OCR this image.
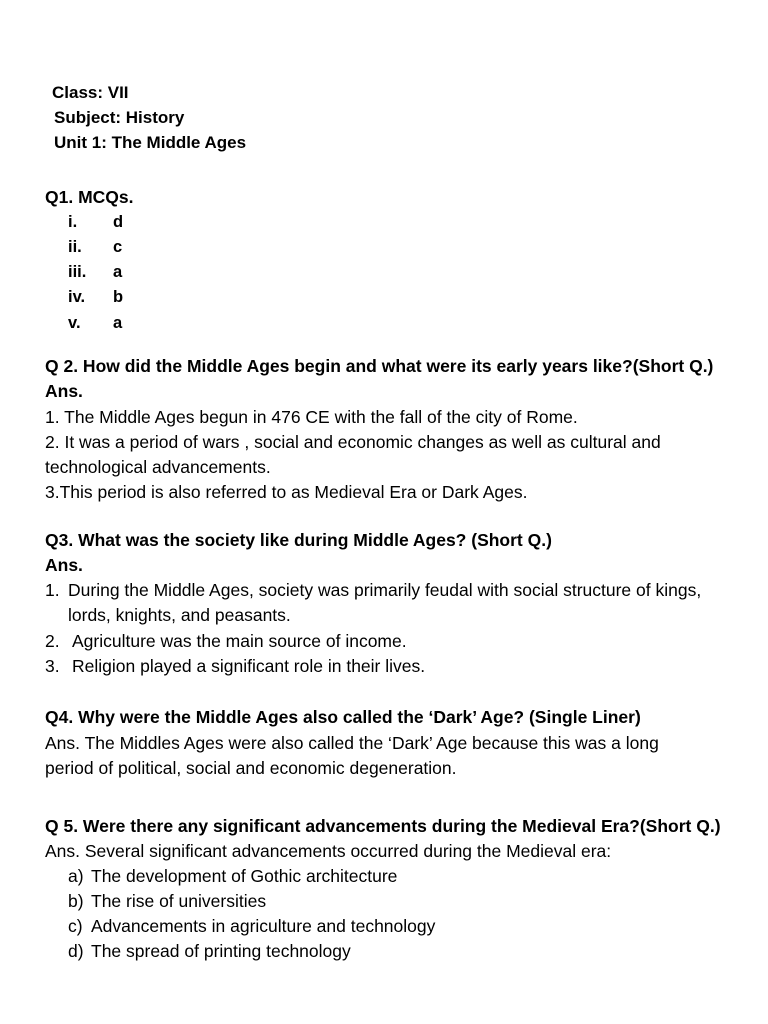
Class: VII
Subject: History
Unit 1: The Middle Ages
Q1. MCQs.
i. d
ii. c
iii. a
iv. b
v. a
Q 2. How did the Middle Ages begin and what were its early years like?(Short Q.)
Ans.
1. The Middle Ages begun in 476 CE with the fall of the city of Rome.
2. It was a period of wars , social and economic changes as well as cultural and
technological advancements.
3.This period is also referred to as Medieval Era or Dark Ages.
Q3. What was the society like during Middle Ages? (Short Q.)
Ans.
1. During the Middle Ages, society was primarily feudal with social structure of kings,
lords, knights, and peasants.
2. Agriculture was the main source of income.
3. Religion played a significant role in their lives.
Q4. Why were the Middle Ages also called the ‘Dark’ Age? (Single Liner)
Ans. The Middles Ages were also called the ‘Dark’ Age because this was a long
period of political, social and economic degeneration.
Q 5. Were there any significant advancements during the Medieval Era?(Short Q.)
Ans. Several significant advancements occurred during the Medieval era:
a) The development of Gothic architecture
b) The rise of universities
c) Advancements in agriculture and technology
d) The spread of printing technology
